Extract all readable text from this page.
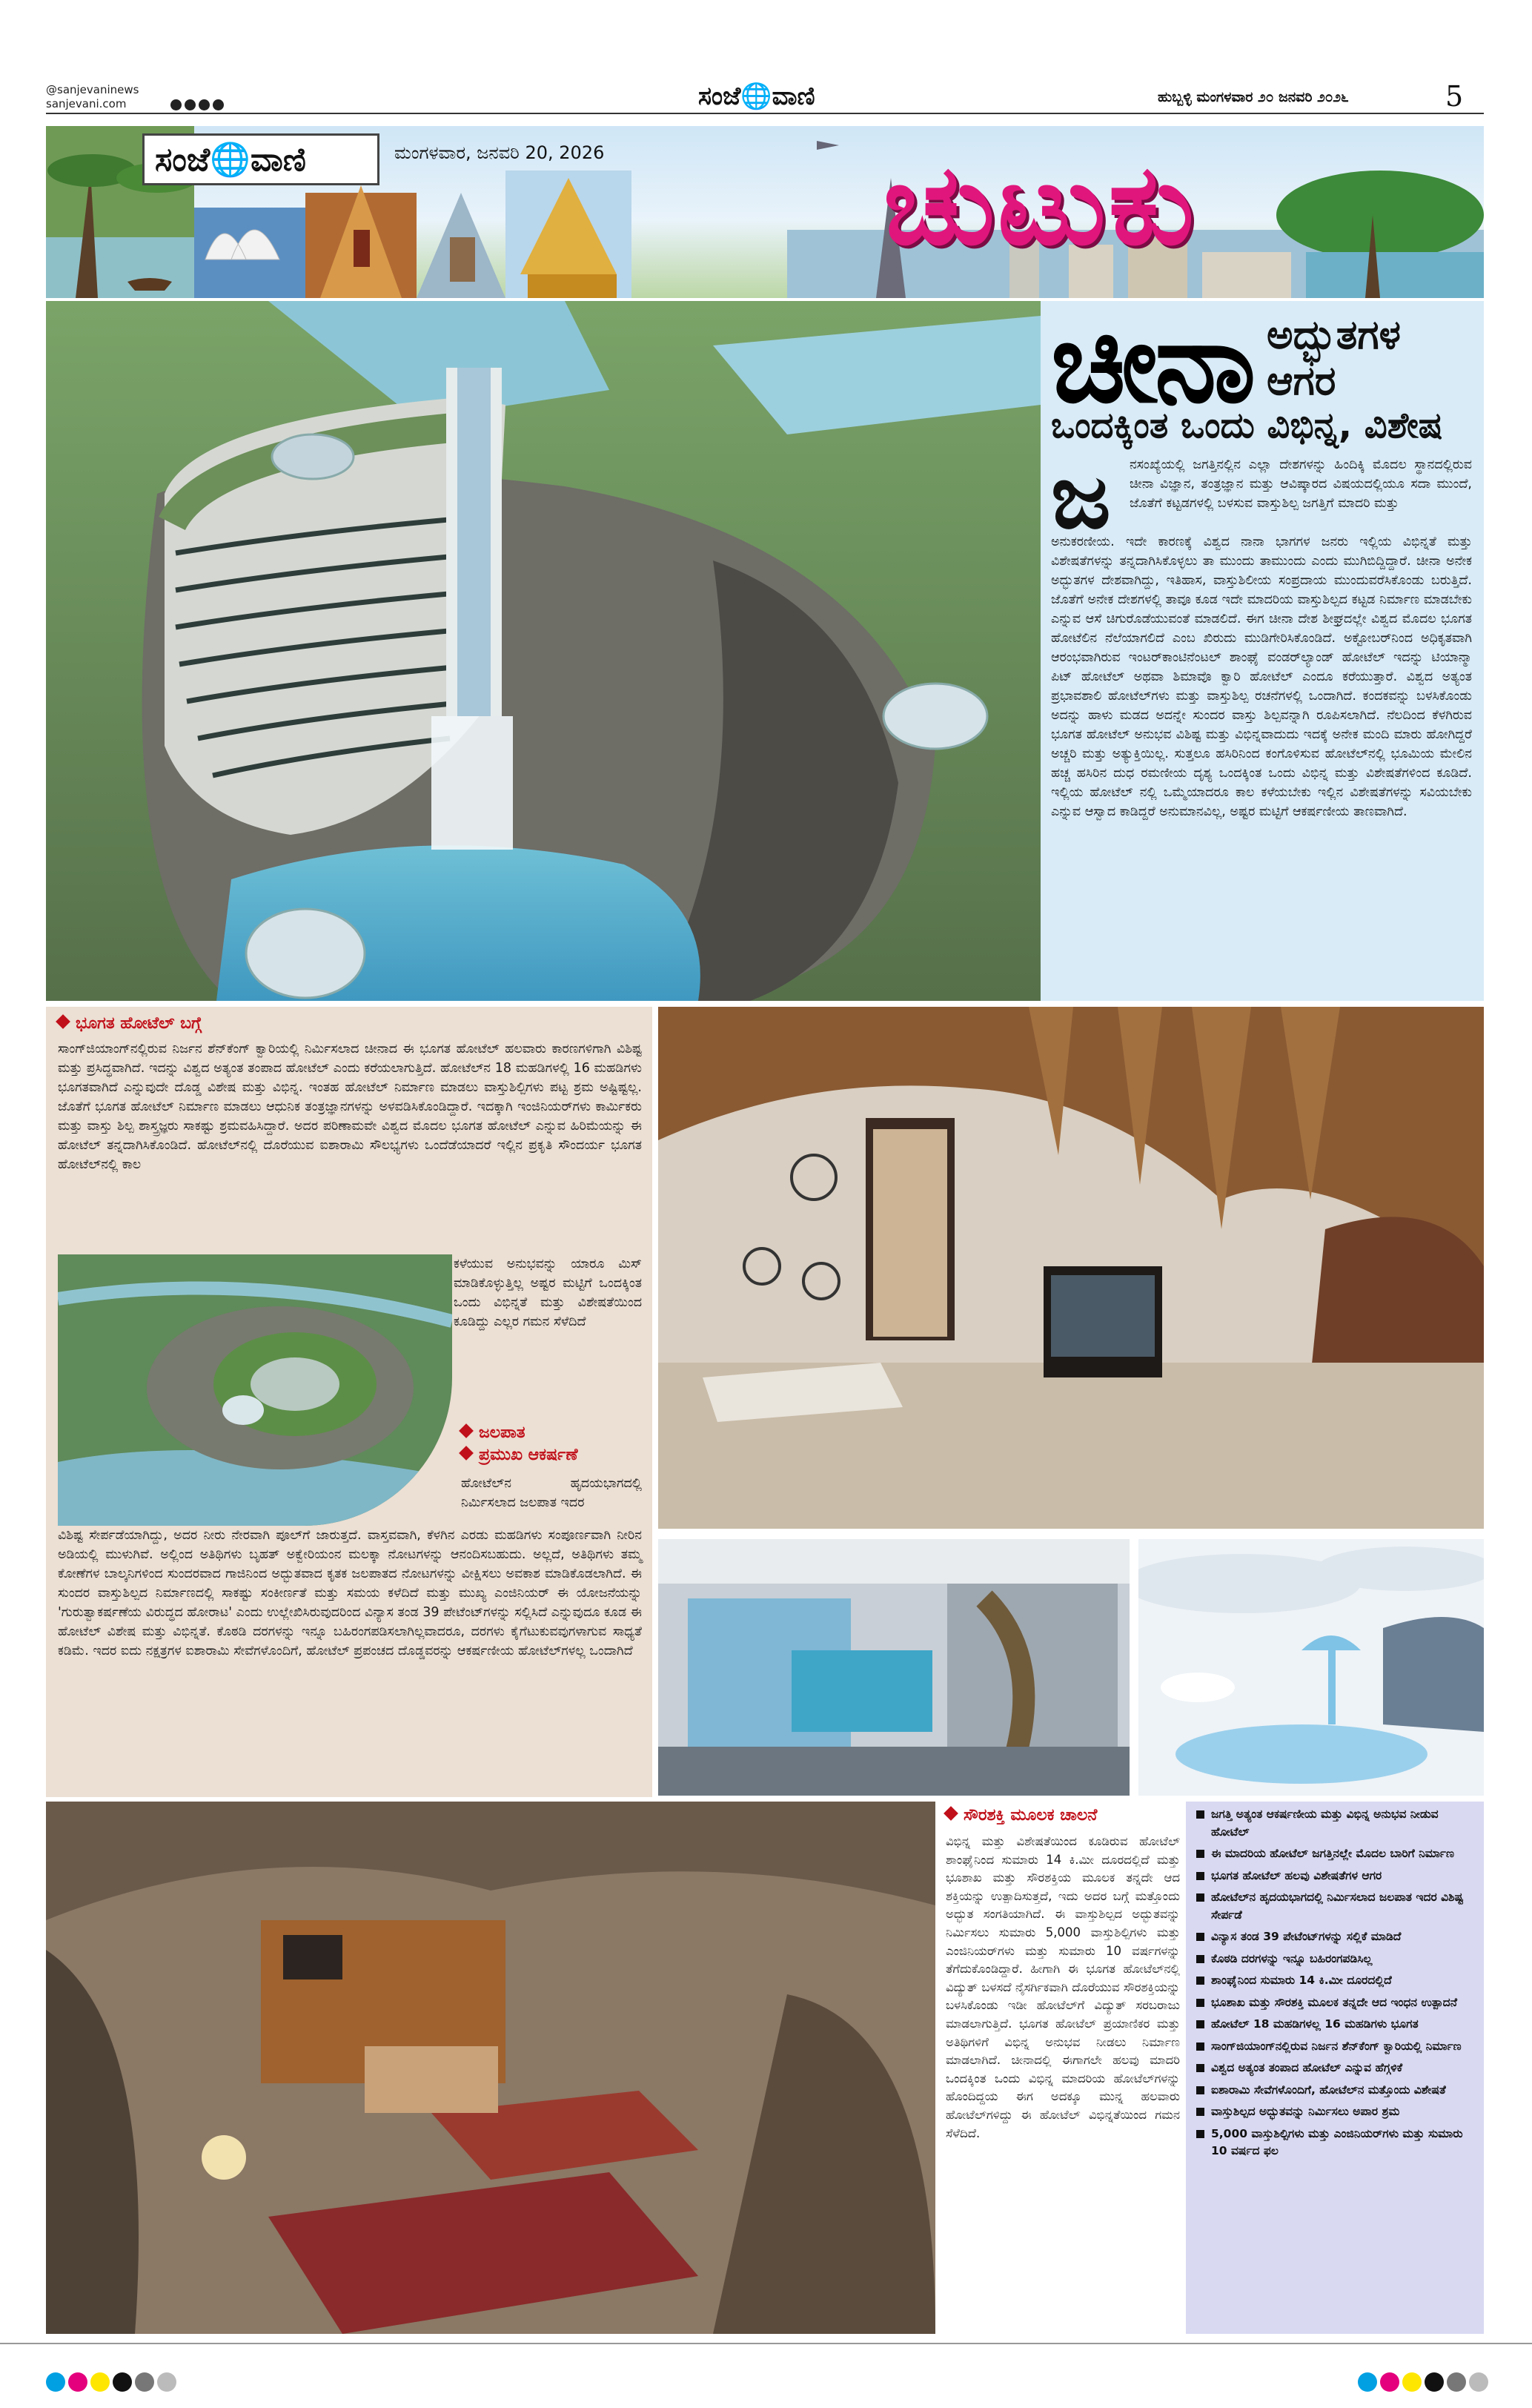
@sanjevaninews
sanjevani.com	ಸಂಜೆ🌐ವಾಣಿ	ಹುಬ್ಬಳ್ಳಿ ಮಂಗಳವಾರ ೨೦ ಜನವರಿ ೨೦೨೬	5
ಸಂಜೆ🌐ವಾಣಿ	ಮಂಗಳವಾರ, ಜನವರಿ 20, 2026	ಚುಟುಕು
ಚೀನಾ ಅದ್ಭುತಗಳ
ಆಗರ
ಒಂದಕ್ಕಿಂತ ಒಂದು ವಿಭಿನ್ನ, ವಿಶೇಷ
ಜ ನಸಂಖ್ಯೆಯಲ್ಲಿ ಜಗತ್ತಿನಲ್ಲಿನ ಎಲ್ಲಾ ದೇಶಗಳನ್ನು ಹಿಂದಿಕ್ಕಿ ಮೊದಲ ಸ್ಥಾನದಲ್ಲಿರುವ ಚೀನಾ ವಿಜ್ಞಾನ, ತಂತ್ರಜ್ಞಾನ ಮತ್ತು ಆವಿಷ್ಕಾರದ ವಿಷಯದಲ್ಲಿಯೂ ಸದಾ ಮುಂದೆ, ಜೊತೆಗೆ ಕಟ್ಟಡಗಳಲ್ಲಿ ಬಳಸುವ ವಾಸ್ತುಶಿಲ್ಪ ಜಗತ್ತಿಗೆ ಮಾದರಿ ಮತ್ತು

ಅನುಕರಣೀಯ. ಇದೇ ಕಾರಣಕ್ಕೆ ವಿಶ್ವದ ನಾನಾ ಭಾಗಗಳ ಜನರು ಇಲ್ಲಿಯ ವಿಭಿನ್ನತೆ ಮತ್ತು ವಿಶೇಷತೆಗಳನ್ನು ತನ್ನದಾಗಿಸಿಕೊಳ್ಳಲು ತಾ ಮುಂದು ತಾಮುಂದು ಎಂದು ಮುಗಿಬಿದ್ದಿದ್ದಾರೆ. ಚೀನಾ ಅನೇಕ ಅದ್ಭುತಗಳ ದೇಶವಾಗಿದ್ದು, ಇತಿಹಾಸ, ವಾಸ್ತುಶಿಲೀಯ ಸಂಪ್ರದಾಯ ಮುಂದುವರೆಸಿಕೊಂಡು ಬರುತ್ತಿದೆ. ಜೊತೆಗೆ ಅನೇಕ ದೇಶಗಳಲ್ಲಿ ತಾವೂ ಕೂಡ ಇದೇ ಮಾದರಿಯ ವಾಸ್ತುಶಿಲ್ಪದ ಕಟ್ಟಡ ನಿರ್ಮಾಣ ಮಾಡಬೇಕು ಎನ್ನುವ ಆಸೆ ಚಿಗುರೊಡೆಯುವಂತೆ ಮಾಡಲಿದೆ. ಈಗ ಚೀನಾ ದೇಶ ಶೀಘ್ರದಲ್ಲೇ ವಿಶ್ವದ ಮೊದಲ ಭೂಗತ ಹೋಟೆಲಿನ ನೆಲೆಯಾಗಲಿದೆ ಎಂಬ ಖಿರುದು ಮುಡಿಗೇರಿಸಿಕೊಂಡಿದೆ. ಅಕ್ಟೋಬರ್‌ನಿಂದ ಅಧಿಕೃತವಾಗಿ ಆರಂಭವಾಗಿರುವ ಇಂಟರ್‌ಕಾಂಟಿನೆಂಟಲ್ ಶಾಂಘೈ ವಂಡರ್‌ಲ್ಯಾಂಡ್ ಹೋಟೆಲ್ ಇದನ್ನು ಟಿಯಾನ್ಮಾ ಪಿಟ್ ಹೋಟೆಲ್ ಅಥವಾ ಶಿಮಾವೊ ಕ್ವಾರಿ ಹೋಟೆಲ್ ಎಂದೂ ಕರೆಯುತ್ತಾರೆ. ವಿಶ್ವದ ಅತ್ಯಂತ ಪ್ರಭಾವಶಾಲಿ ಹೋಟೆಲ್‌ಗಳು ಮತ್ತು ವಾಸ್ತುಶಿಲ್ಪ ರಚನೆಗಳಲ್ಲಿ ಒಂದಾಗಿದೆ. ಕಂದಕವನ್ನು ಬಳಸಿಕೊಂಡು ಅದನ್ನು ಹಾಳು ಮಡದ ಅದನ್ನೇ ಸುಂದರ ವಾಸ್ತು ಶಿಲ್ಪವನ್ನಾಗಿ ರೂಪಿಸಲಾಗಿದೆ. ನೆಲದಿಂದ ಕೆಳಗಿರುವ ಭೂಗತ ಹೋಟೆಲ್ ಅನುಭವ ವಿಶಿಷ್ಟ ಮತ್ತು ವಿಭಿನ್ನವಾದುದು ಇದಕ್ಕೆ ಅನೇಕ ಮಂದಿ ಮಾರು ಹೋಗಿದ್ದರೆ ಅಚ್ಚರಿ ಮತ್ತು ಅತ್ಯುಕ್ತಿಯಿಲ್ಲ. ಸುತ್ತಲೂ ಹಸಿರಿನಿಂದ ಕಂಗೊಳಿಸುವ ಹೋಟೆಲ್‌ನಲ್ಲಿ ಭೂಮಿಯ ಮೇಲಿನ ಹಚ್ಚ ಹಸಿರಿನ ದುಧ ರಮಣೀಯ ದೃಶ್ಯ ಒಂದಕ್ಕಿಂತ ಒಂದು ವಿಭಿನ್ನ ಮತ್ತು ವಿಶೇಷತೆಗಳಿಂದ ಕೂಡಿದೆ. ಇಲ್ಲಿಯ ಹೋಟೆಲ್ ನಲ್ಲಿ ಒಮ್ಮೆಯಾದರೂ ಕಾಲ ಕಳೆಯಬೇಕು ಇಲ್ಲಿನ ವಿಶೇಷತೆಗಳನ್ನು ಸವಿಯಬೇಕು ಎನ್ನುವ ಆಸ್ವಾದ ಕಾಡಿದ್ದರೆ ಅನುಮಾನವಿಲ್ಲ, ಅಷ್ಟರ ಮಟ್ಟಿಗೆ ಆಕರ್ಷಣೀಯ ತಾಣವಾಗಿದೆ.

ಭೂಗತ ಹೋಟೆಲ್ ಬಗ್ಗೆ

ಸಾಂಗ್‌ಜಿಯಾಂಗ್‌ನಲ್ಲಿರುವ ನಿರ್ಜನ ಶೆನ್‌ಕೆಂಗ್ ಕ್ವಾರಿಯಲ್ಲಿ ನಿರ್ಮಿಸಲಾದ ಚೀನಾದ ಈ ಭೂಗತ ಹೋಟೆಲ್ ಹಲವಾರು ಕಾರಣಗಳಿಗಾಗಿ ವಿಶಿಷ್ಟ ಮತ್ತು ಪ್ರಸಿದ್ಧವಾಗಿದೆ. ಇದನ್ನು ವಿಶ್ವದ ಅತ್ಯಂತ ತಂಪಾದ ಹೋಟೆಲ್ ಎಂದು ಕರೆಯಲಾಗುತ್ತಿದೆ. ಹೋಟೆಲ್‌ನ 18 ಮಹಡಿಗಳಲ್ಲಿ 16 ಮಹಡಿಗಳು ಭೂಗತವಾಗಿದೆ ಎನ್ನುವುದೇ ದೊಡ್ಡ ವಿಶೇಷ ಮತ್ತು ವಿಭಿನ್ನ. ಇಂತಹ ಹೋಟೆಲ್ ನಿರ್ಮಾಣ ಮಾಡಲು ವಾಸ್ತುಶಿಲ್ಪಿಗಳು ಪಟ್ಟ ಶ್ರಮ ಅಷ್ಟಿಷ್ಟಲ್ಲ. ಜೊತೆಗೆ ಭೂಗತ ಹೋಟೆಲ್ ನಿರ್ಮಾಣ ಮಾಡಲು ಆಧುನಿಕ ತಂತ್ರಜ್ಞಾನಗಳನ್ನು ಅಳವಡಿಸಿಕೊಂಡಿದ್ದಾರೆ. ಇದಕ್ಕಾಗಿ ಇಂಜಿನಿಯರ್‌ಗಳು ಕಾರ್ಮಿಕರು ಮತ್ತು ವಾಸ್ತು ಶಿಲ್ಪ ಶಾಸ್ತ್ರಜ್ಞರು ಸಾಕಷ್ಟು ಶ್ರಮವಹಿಸಿದ್ದಾರೆ. ಅದರ ಪರಿಣಾಮವೇ ವಿಶ್ವದ ಮೊದಲ ಭೂಗತ ಹೋಟೆಲ್ ಎನ್ನುವ ಹಿರಿಮೆಯನ್ನು ಈ ಹೋಟೆಲ್ ತನ್ನದಾಗಿಸಿಕೊಂಡಿದೆ. ಹೋಟೆಲ್‌ನಲ್ಲಿ ದೊರೆಯುವ ಐಶಾರಾಮಿ ಸೌಲಭ್ಯಗಳು ಒಂದೆಡೆಯಾದರೆ ಇಲ್ಲಿನ ಪ್ರಕೃತಿ ಸೌಂದರ್ಯ ಭೂಗತ ಹೋಟೆಲ್‌ನಲ್ಲಿ ಕಾಲ

ಕಳೆಯುವ ಅನುಭವನ್ನು ಯಾರೂ ಮಿಸ್ ಮಾಡಿಕೊಳ್ಳುತ್ತಿಲ್ಲ ಅಷ್ಟರ ಮಟ್ಟಿಗೆ ಒಂದಕ್ಕಿಂತ ಒಂದು ವಿಭಿನ್ನತೆ ಮತ್ತು ವಿಶೇಷತೆಯಿಂದ ಕೂಡಿದ್ದು ಎಲ್ಲರ ಗಮನ ಸೆಳೆದಿದೆ

ಜಲಪಾತ
ಪ್ರಮುಖ ಆಕರ್ಷಣೆ

ಹೋಟೆಲ್‌ನ ಹೃದಯಭಾಗದಲ್ಲಿ ನಿರ್ಮಿಸಲಾದ ಜಲಪಾತ ಇದರ

ವಿಶಿಷ್ಟ ಸೇರ್ಪಡೆಯಾಗಿದ್ದು, ಅದರ ನೀರು ನೇರವಾಗಿ ಪೂಲ್‌ಗೆ ಜಾರುತ್ತದೆ. ವಾಸ್ತವವಾಗಿ, ಕೆಳಗಿನ ಎರಡು ಮಹಡಿಗಳು ಸಂಪೂರ್ಣವಾಗಿ ನೀರಿನ ಅಡಿಯಲ್ಲಿ ಮುಳುಗಿವೆ. ಅಲ್ಲಿಂದ ಅತಿಥಿಗಳು ಬೃಹತ್ ಅಕ್ವೇರಿಯಂನ ಮಲಕ್ಕಾ ನೋಟಗಳನ್ನು ಆನಂದಿಸಬಹುದು. ಅಲ್ಲದೆ, ಅತಿಥಿಗಳು ತಮ್ಮ ಕೋಣೆಗಳ ಬಾಲ್ಕನಿಗಳಿಂದ ಸುಂದರವಾದ ಗಾಜಿನಿಂದ ಅದ್ಭುತವಾದ ಕೃತಕ ಜಲಪಾತದ ನೋಟಗಳನ್ನು ವೀಕ್ಷಿಸಲು ಅವಕಾಶ ಮಾಡಿಕೊಡಲಾಗಿದೆ. ಈ ಸುಂದರ ವಾಸ್ತುಶಿಲ್ಪದ ನಿರ್ಮಾಣದಲ್ಲಿ ಸಾಕಷ್ಟು ಸಂಕೀರ್ಣತೆ ಮತ್ತು ಸಮಯ ಕಳೆದಿದೆ ಮತ್ತು ಮುಖ್ಯ ಎಂಜಿನಿಯರ್ ಈ ಯೋಜನೆಯನ್ನು 'ಗುರುತ್ವಾಕರ್ಷಣೆಯ ವಿರುದ್ಧದ ಹೋರಾಟ' ಎಂದು ಉಲ್ಲೇಖಿಸಿರುವುದರಿಂದ ವಿನ್ಯಾಸ ತಂಡ 39 ಪೇಟೆಂಟ್‌ಗಳನ್ನು ಸಲ್ಲಿಸಿದೆ ಎನ್ನುವುದೂ ಕೂಡ ಈ ಹೋಟೆಲ್ ವಿಶೇಷ ಮತ್ತು ವಿಭಿನ್ನತೆ. ಕೊಠಡಿ ದರಗಳನ್ನು ಇನ್ನೂ ಬಹಿರಂಗಪಡಿಸಲಾಗಿಲ್ಲವಾದರೂ, ದರಗಳು ಕೈಗೆಟುಕುವವುಗಳಾಗುವ ಸಾಧ್ಯತೆ ಕಡಿಮೆ. ಇದರ ಐದು ನಕ್ಷತ್ರಗಳ ಐಶಾರಾಮಿ ಸೇವೆಗಳೊಂದಿಗೆ, ಹೋಟೆಲ್ ಪ್ರಪಂಚದ ದೊಡ್ಡವರನ್ನು ಆಕರ್ಷಣೀಯ ಹೋಟೆಲ್‌ಗಳಲ್ಲ ಒಂದಾಗಿದೆ

ಸೌರಶಕ್ತಿ ಮೂಲಕ ಚಾಲನೆ

ವಿಭಿನ್ನ ಮತ್ತು ವಿಶೇಷತೆಯಿಂದ ಕೂಡಿರುವ ಹೋಟೆಲ್ ಶಾಂಘೈನಿಂದ ಸುಮಾರು 14 ಕಿ.ಮೀ ದೂರದಲ್ಲಿದೆ ಮತ್ತು ಭೂಶಾಖ ಮತ್ತು ಸೌರಶಕ್ತಿಯ ಮೂಲಕ ತನ್ನದೇ ಆದ ಶಕ್ತಿಯನ್ನು ಉತ್ಪಾದಿಸುತ್ತದೆ, ಇದು ಅದರ ಬಗ್ಗೆ ಮತ್ತೊಂದು ಅದ್ಭುತ ಸಂಗತಿಯಾಗಿದೆ. ಈ ವಾಸ್ತುಶಿಲ್ಪದ ಅದ್ಭುತವನ್ನು ನಿರ್ಮಿಸಲು ಸುಮಾರು 5,000 ವಾಸ್ತುಶಿಲ್ಪಿಗಳು ಮತ್ತು ಎಂಜಿನಿಯರ್‌ಗಳು ಮತ್ತು ಸುಮಾರು 10 ವರ್ಷಗಳನ್ನು ತೆಗೆದುಕೊಂಡಿದ್ದಾರೆ. ಹೀಗಾಗಿ ಈ ಭೂಗತ ಹೋಟೆಲ್‌ನಲ್ಲಿ ವಿದ್ಯುತ್ ಬಳಸದೆ ನೈಸರ್ಗಿಕವಾಗಿ ದೊರೆಯುವ ಸೌರಶಕ್ತಿಯನ್ನು ಬಳಸಿಕೊಂಡು ಇಡೀ ಹೋಟೆಲ್‌ಗೆ ವಿದ್ಯುತ್ ಸರಬರಾಜು ಮಾಡಲಾಗುತ್ತಿದೆ. ಭೂಗತ ಹೋಟೆಲ್ ಪ್ರಯಾಣಿಕರ ಮತ್ತು ಅತಿಥಿಗಳಿಗೆ ವಿಭಿನ್ನ ಅನುಭವ ನೀಡಲು ನಿರ್ಮಾಣ ಮಾಡಲಾಗಿದೆ. ಚೀನಾದಲ್ಲಿ ಈಗಾಗಲೇ ಹಲವು ಮಾದರಿ ಒಂದಕ್ಕಿಂತ ಒಂದು ವಿಭಿನ್ನ ಮಾದರಿಯ ಹೋಟೆಲ್‌ಗಳನ್ನು ಹೊಂದಿದ್ದಯ ಈಗ ಅದಕ್ಕೂ ಮುನ್ನ ಹಲವಾರು ಹೋಟೆಲ್‌ಗಳಿದ್ದು ಈ ಹೋಟೆಲ್ ವಿಭಿನ್ನತೆಯಿಂದ ಗಮನ ಸೆಳೆದಿದೆ.

ಜಗತ್ತಿ ಅತ್ಯಂತ ಆಕರ್ಷಣೀಯ ಮತ್ತು ವಿಭಿನ್ನ ಅನುಭವ ನೀಡುವ ಹೋಟೆಲ್
ಈ ಮಾದರಿಯ ಹೋಟೆಲ್ ಜಗತ್ತಿನಲ್ಲೇ ಮೊದಲ ಬಾರಿಗೆ ನಿರ್ಮಾಣ
ಭೂಗತ ಹೋಟೆಲ್ ಹಲವು ವಿಶೇಷತೆಗಳ ಆಗರ
ಹೋಟೆಲ್‌ನ ಹೃದಯಭಾಗದಲ್ಲಿ ನಿರ್ಮಿಸಲಾದ ಜಲಪಾತ ಇದರ ವಿಶಿಷ್ಟ ಸೇರ್ಪಡೆ
ವಿನ್ಯಾಸ ತಂಡ 39 ಪೇಟೆಂಟ್‌ಗಳನ್ನು ಸಲ್ಲಿಕೆ ಮಾಡಿದೆ
ಕೊಠಡಿ ದರಗಳನ್ನು ಇನ್ನೂ ಬಹಿರಂಗಪಡಿಸಿಲ್ಲ
ಶಾಂಘೈನಿಂದ ಸುಮಾರು 14 ಕಿ.ಮೀ ದೂರದಲ್ಲಿದೆ
ಭೂಶಾಖ ಮತ್ತು ಸೌರಶಕ್ತಿ ಮೂಲಕ ತನ್ನದೇ ಆದ ಇಂಧನ ಉತ್ಪಾದನೆ
ಹೋಟೆಲ್ 18 ಮಹಡಿಗಳಲ್ಲ 16 ಮಹಡಿಗಳು ಭೂಗತ
ಸಾಂಗ್‌ಜಿಯಾಂಗ್‌ನಲ್ಲಿರುವ ನಿರ್ಜನ ಶೆನ್‌ಕೆಂಗ್ ಕ್ವಾರಿಯಲ್ಲಿ ನಿರ್ಮಾಣ
ವಿಶ್ವದ ಅತ್ಯಂತ ತಂಪಾದ ಹೋಟೆಲ್ ಎನ್ನುವ ಹೆಗ್ಗಳಿಕೆ
ಐಶಾರಾಮಿ ಸೇವೆಗಳೊಂದಿಗೆ, ಹೋಟೆಲ್‌ನ ಮತ್ತೊಂದು ವಿಶೇಷತೆ
ವಾಸ್ತುಶಿಲ್ಪದ ಅದ್ಭುತವನ್ನು ನಿರ್ಮಿಸಲು ಅಪಾರ ಶ್ರಮ
5,000 ವಾಸ್ತುಶಿಲ್ಪಿಗಳು ಮತ್ತು ಎಂಜಿನಿಯರ್‌ಗಳು ಮತ್ತು ಸುಮಾರು 10 ವರ್ಷದ ಫಲ
